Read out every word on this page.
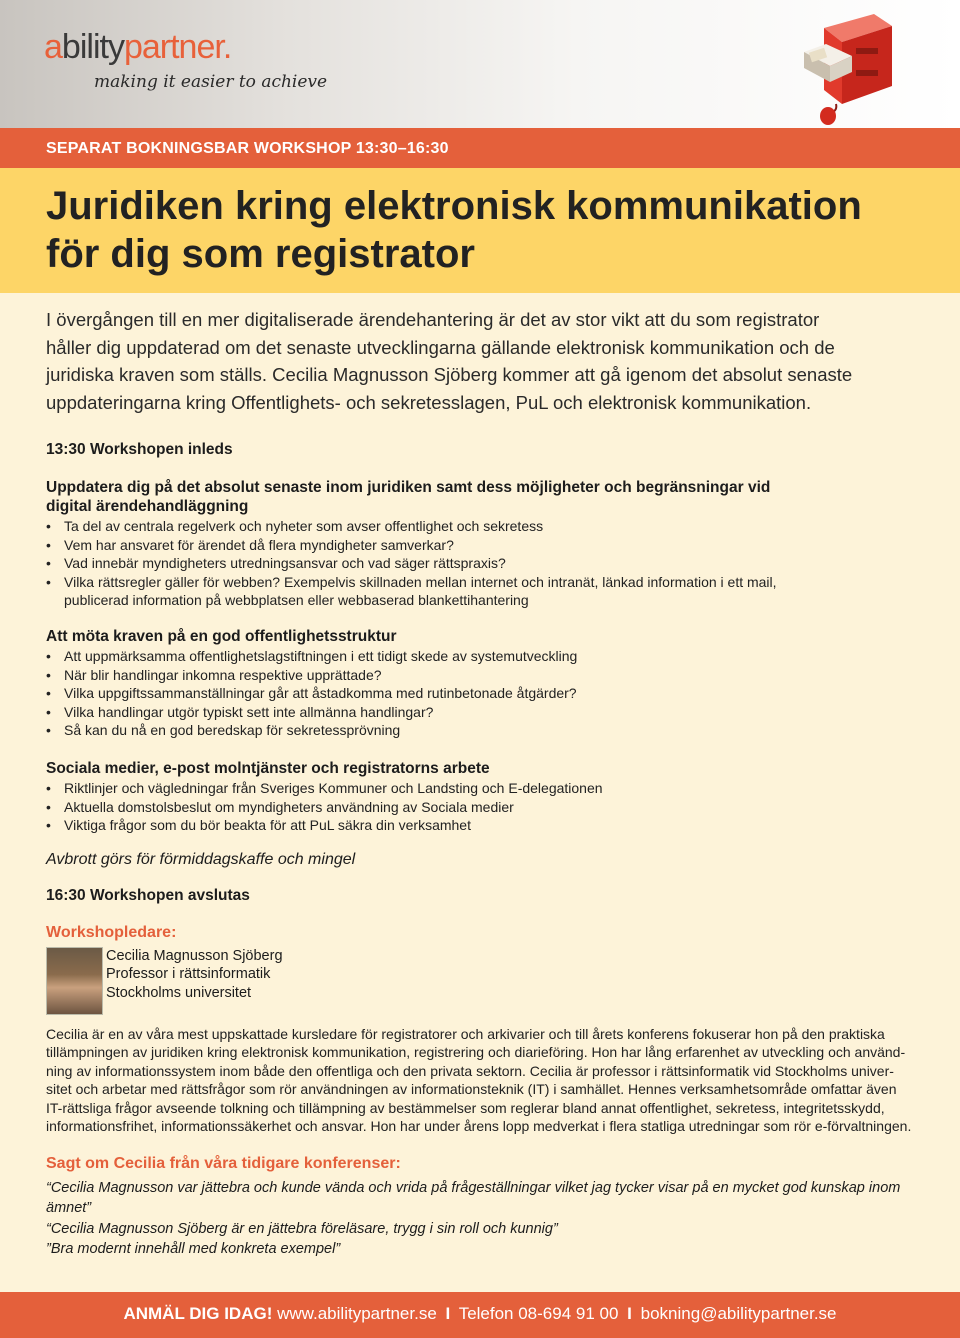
abilitypartner.
making it easier to achieve
SEPARAT BOKNINGSBAR WORKSHOP 13:30–16:30
Juridiken kring elektronisk kommunikation
för dig som registrator

I övergången till en mer digitaliserade ärendehantering är det av stor vikt att du som registrator
håller dig uppdaterad om det senaste utvecklingarna gällande elektronisk kommunikation och de
juridiska kraven som ställs. Cecilia Magnusson Sjöberg kommer att gå igenom det absolut senaste
uppdateringarna kring Offentlighets- och sekretesslagen, PuL och elektronisk kommunikation.

13:30 Workshopen inleds

Uppdatera dig på det absolut senaste inom juridiken samt dess möjligheter och begränsningar vid
digital ärendehandläggning
• Ta del av centrala regelverk och nyheter som avser offentlighet och sekretess
• Vem har ansvaret för ärendet då flera myndigheter samverkar?
• Vad innebär myndigheters utredningsansvar och vad säger rättspraxis?
• Vilka rättsregler gäller för webben? Exempelvis skillnaden mellan internet och intranät, länkad information i ett mail,
publicerad information på webbplatsen eller webbaserad blankettihantering
Att möta kraven på en god offentlighetsstruktur
• Att uppmärksamma offentlighetslagstiftningen i ett tidigt skede av systemutveckling
• När blir handlingar inkomna respektive upprättade?
• Vilka uppgiftssammanställningar går att åstadkomma med rutinbetonade åtgärder?
• Vilka handlingar utgör typiskt sett inte allmänna handlingar?
• Så kan du nå en god beredskap för sekretessprövning
Sociala medier, e-post molntjänster och registratorns arbete
• Riktlinjer och vägledningar från Sveriges Kommuner och Landsting och E-delegationen
• Aktuella domstolsbeslut om myndigheters användning av Sociala medier
• Viktiga frågor som du bör beakta för att PuL säkra din verksamhet

Avbrott görs för förmiddagskaffe och mingel

16:30 Workshopen avslutas

Workshopledare:

Cecilia Magnusson Sjöberg
Professor i rättsinformatik
Stockholms universitet

Cecilia är en av våra mest uppskattade kursledare för registratorer och arkivarier och till årets konferens fokuserar hon på den praktiska
tillämpningen av juridiken kring elektronisk kommunikation, registrering och diarieföring. Hon har lång erfarenhet av utveckling och använd-
ning av informationssystem inom både den offentliga och den privata sektorn. Cecilia är professor i rättsinformatik vid Stockholms univer-
sitet och arbetar med rättsfrågor som rör användningen av informationsteknik (IT) i samhället. Hennes verksamhetsområde omfattar även
IT-rättsliga frågor avseende tolkning och tillämpning av bestämmelser som reglerar bland annat offentlighet, sekretess, integritetsskydd,
informationsfrihet, informationssäkerhet och ansvar. Hon har under årens lopp medverkat i flera statliga utredningar som rör e-förvaltningen.

Sagt om Cecilia från våra tidigare konferenser:

“Cecilia Magnusson var jättebra och kunde vända och vrida på frågeställningar vilket jag tycker visar på en mycket god kunskap inom ämnet”

“Cecilia Magnusson Sjöberg är en jättebra föreläsare, trygg i sin roll och kunnig”

”Bra modernt innehåll med konkreta exempel”

ANMÄL DIG IDAG! www.abilitypartner.se I Telefon 08-694 91 00 I bokning@abilitypartner.se
